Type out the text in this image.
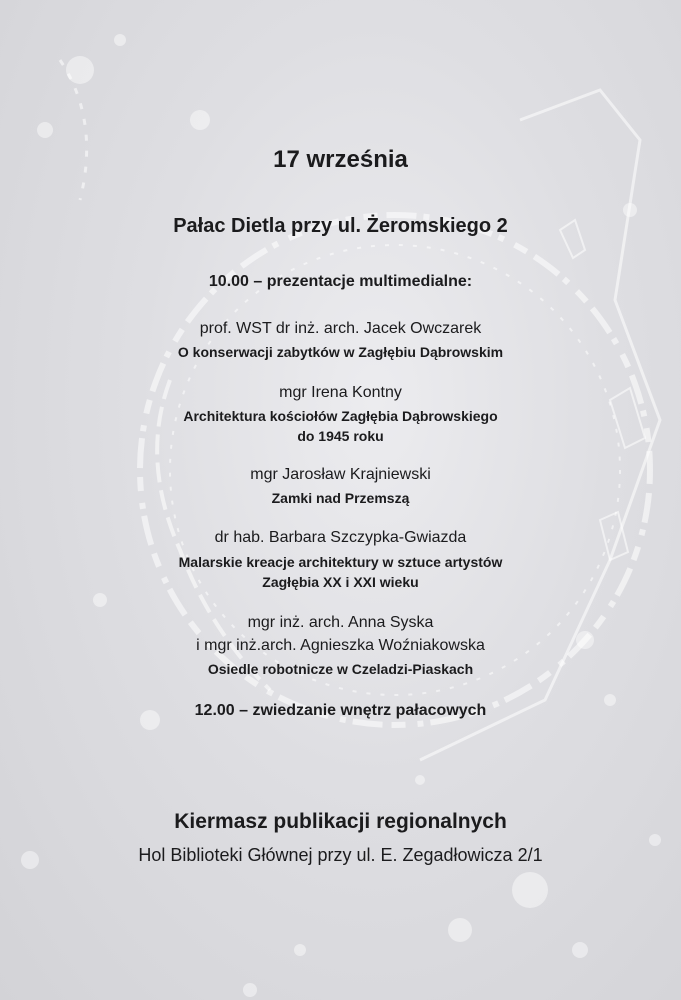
17 września
Pałac Dietla przy ul. Żeromskiego 2
10.00 – prezentacje multimedialne:
prof. WST dr inż. arch. Jacek Owczarek
O konserwacji zabytków w Zagłębiu Dąbrowskim
mgr Irena Kontny
Architektura kościołów Zagłębia Dąbrowskiego
do 1945 roku
mgr Jarosław Krajniewski
Zamki nad Przemszą
dr hab. Barbara Szczypka-Gwiazda
Malarskie kreacje architektury w sztuce artystów
Zagłębia XX i XXI wieku
mgr inż. arch. Anna Syska
i mgr inż.arch. Agnieszka Woźniakowska
Osiedle robotnicze w Czeladzi-Piaskach
12.00 – zwiedzanie wnętrz pałacowych
Kiermasz publikacji regionalnych
Hol Biblioteki Głównej przy ul. E. Zegadłowicza 2/1
